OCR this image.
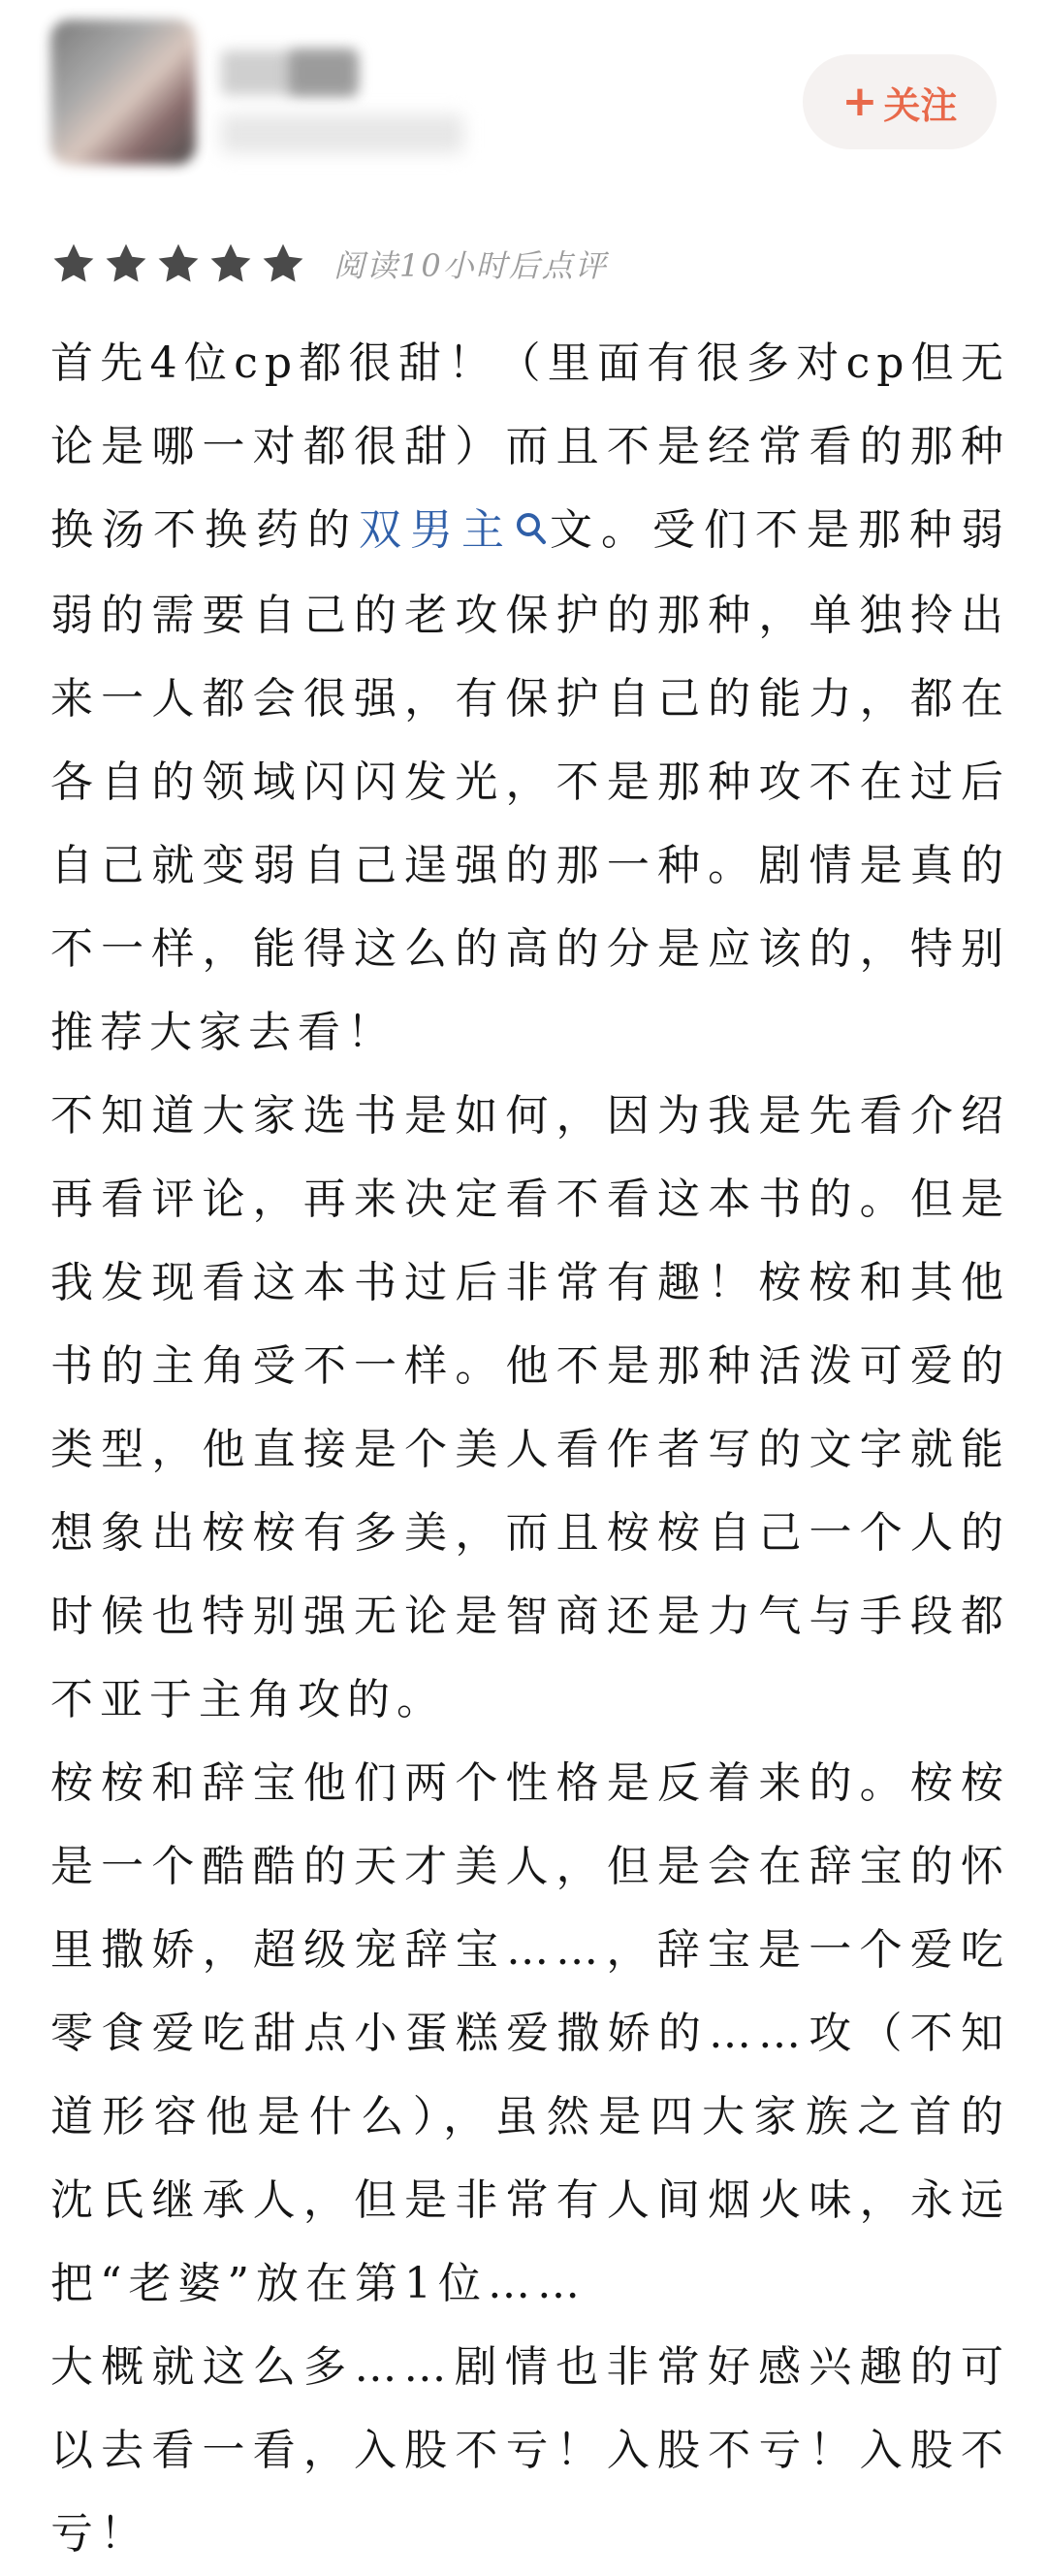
+ 关注
阅读10小时后点评

首先4位cp都很甜！（里面有很多对cp但无论是哪一对都很甜）而且不是经常看的那种换汤不换药的双男主 文。受们不是那种弱弱的需要自己的老攻保护的那种，单独拎出来一人都会很强，有保护自己的能力，都在各自的领域闪闪发光，不是那种攻不在过后自己就变弱自己逞强的那一种。剧情是真的不一样，能得这么的高的分是应该的，特别推荐大家去看！

不知道大家选书是如何，因为我是先看介绍再看评论，再来决定看不看这本书的。但是我发现看这本书过后非常有趣！桉桉和其他书的主角受不一样。他不是那种活泼可爱的类型，他直接是个美人看作者写的文字就能想象出桉桉有多美，而且桉桉自己一个人的时候也特别强无论是智商还是力气与手段都不亚于主角攻的。

桉桉和辞宝他们两个性格是反着来的。桉桉是一个酷酷的天才美人，但是会在辞宝的怀里撒娇，超级宠辞宝……，辞宝是一个爱吃零食爱吃甜点小蛋糕爱撒娇的……攻（不知道形容他是什么），虽然是四大家族之首的沈氏继承人，但是非常有人间烟火味，永远把“老婆”放在第1位……

大概就这么多……剧情也非常好感兴趣的可以去看一看，入股不亏！入股不亏！入股不亏！
